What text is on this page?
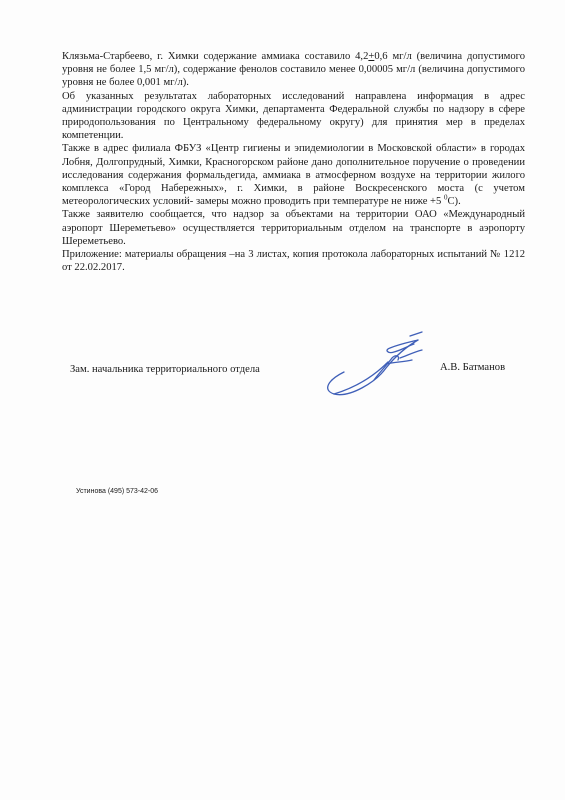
Клязьма-Старбеево, г. Химки содержание аммиака составило 4,2+0,6 мг/л (величина допустимого уровня не более 1,5 мг/л), содержание фенолов составило менее 0,00005 мг/л (величина допустимого уровня не более 0,001 мг/л).

Об указанных результатах лабораторных исследований направлена информация в адрес администрации городского округа Химки, департамента Федеральной службы по надзору в сфере природопользования по Центральному федеральному округу) для принятия мер в пределах компетенции.

Также в адрес филиала ФБУЗ «Центр гигиены и эпидемиологии в Московской области» в городах Лобня, Долгопрудный, Химки, Красногорском районе дано дополнительное поручение о проведении исследования содержания формальдегида, аммиака в атмосферном воздухе на территории жилого комплекса «Город Набережных», г. Химки, в районе Воскресенского моста (с учетом метеорологических условий- замеры можно проводить при температуре не ниже +5 $^0$С).

Также заявителю сообщается, что надзор за объектами на территории ОАО «Международный аэропорт Шереметьево» осуществляется территориальным отделом на транспорте в аэропорту Шереметьево.

Приложение: материалы обращения –на 3 листах, копия протокола лабораторных испытаний № 1212 от 22.02.2017.

Зам. начальника территориального отдела	А.В. Батманов
Устинова (495) 573-42-06
